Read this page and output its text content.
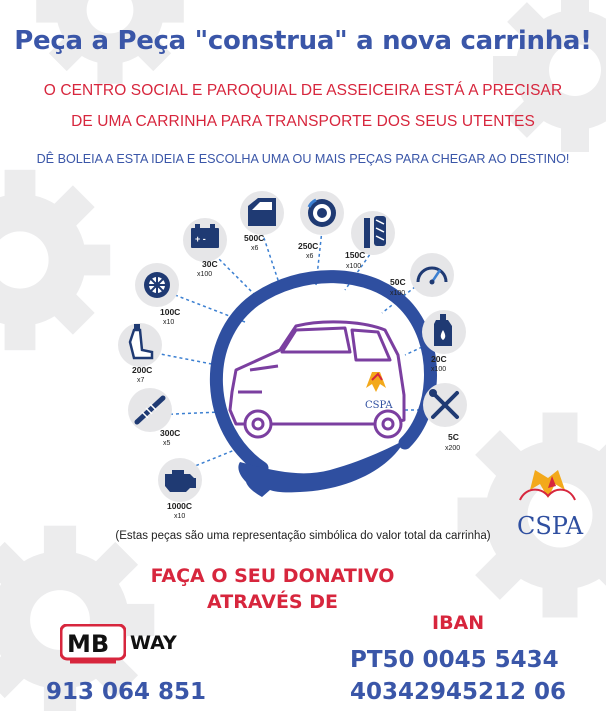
Peça a Peça "construa" a nova carrinha!
O CENTRO SOCIAL E PAROQUIAL DE ASSEICEIRA ESTÁ A PRECISAR
DE UMA CARRINHA PARA TRANSPORTE DOS SEUS UTENTES
DÊ BOLEIA A ESTA IDEIA E ESCOLHA UMA OU MAIS PEÇAS PARA CHEGAR AO DESTINO!
CSPA
+ -
30C
x100
500C
x6	250C
x6	150C
x100
100C
x10
50C
x100
200C
x7
20C
x100
300C
x5
5C
x200
1000C
x10	CSPA
(Estas peças são uma representação simbólica do valor total da carrinha)
FAÇA O SEU DONATIVO
ATRAVÉS DE
IBAN
PT50 0045 5434
40342945212 06
MB WAY
913 064 851
